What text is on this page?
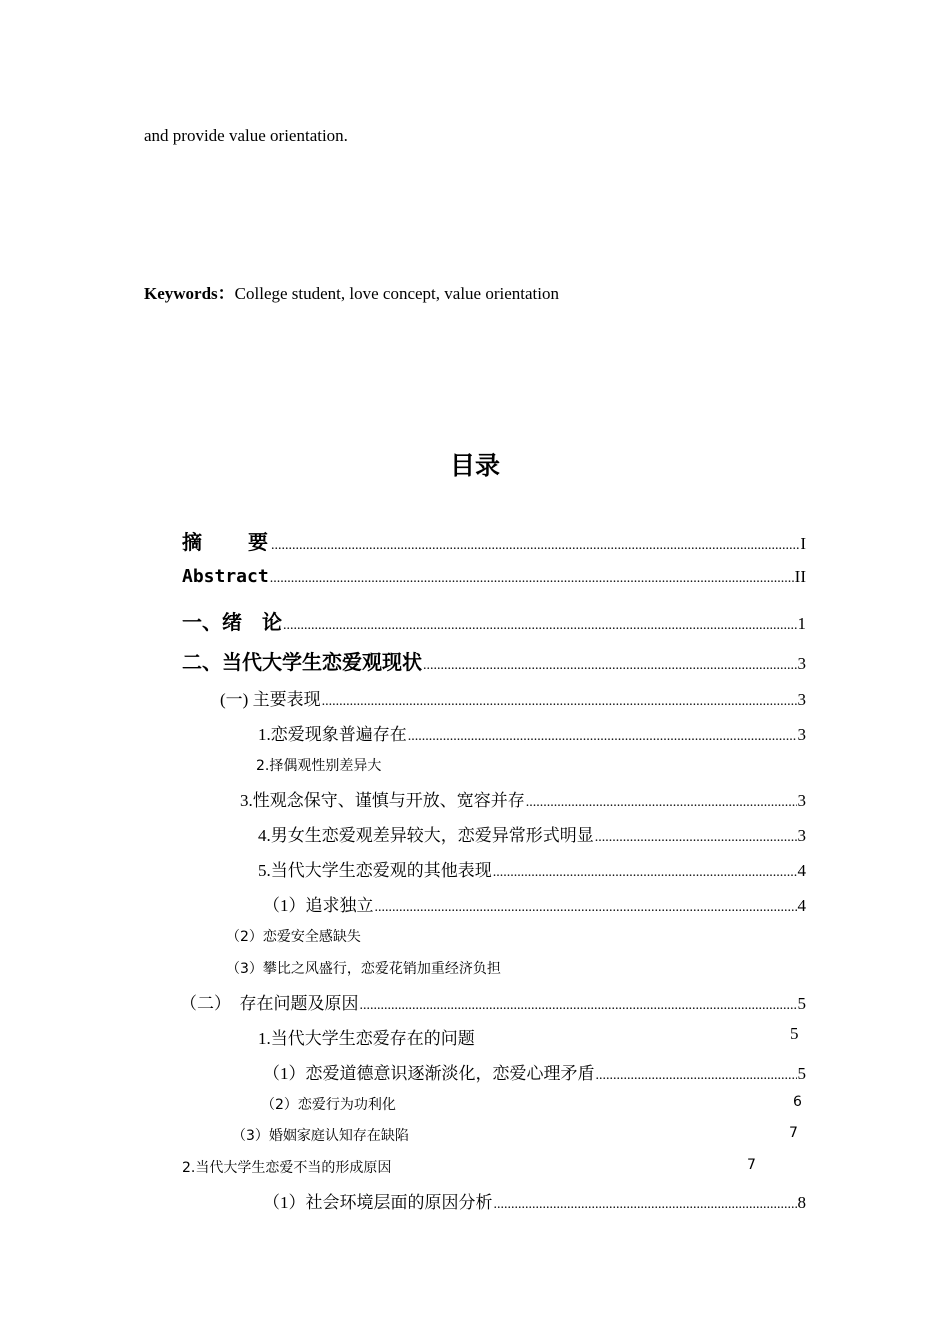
and provide value orientation.
Keywords：College student, love concept, value orientation
目录
摘　　要 .....	I
Abstract .....	II
一、绪　论 .....	1
二、当代大学生恋爱观现状 .....	3
(一) 主要表现 .....	3
1.恋爱现象普遍存在 .....	3
2.择偶观性别差异大
3.性观念保守、谨慎与开放、宽容并存 .....	3
4.男女生恋爱观差异较大，恋爱异常形式明显 .....	3
5.当代大学生恋爱观的其他表现 .....	4
（1）追求独立 .....	4
（2）恋爱安全感缺失
（3）攀比之风盛行，恋爱花销加重经济负担
（二）　存在问题及原因 .....	5
1.当代大学生恋爱存在的问题	5
（1）恋爱道德意识逐渐淡化，恋爱心理矛盾 .....	5
（2）恋爱行为功利化	6
（3）婚姻家庭认知存在缺陷	7
2.当代大学生恋爱不当的形成原因	7
（1）社会环境层面的原因分析 .....	8
